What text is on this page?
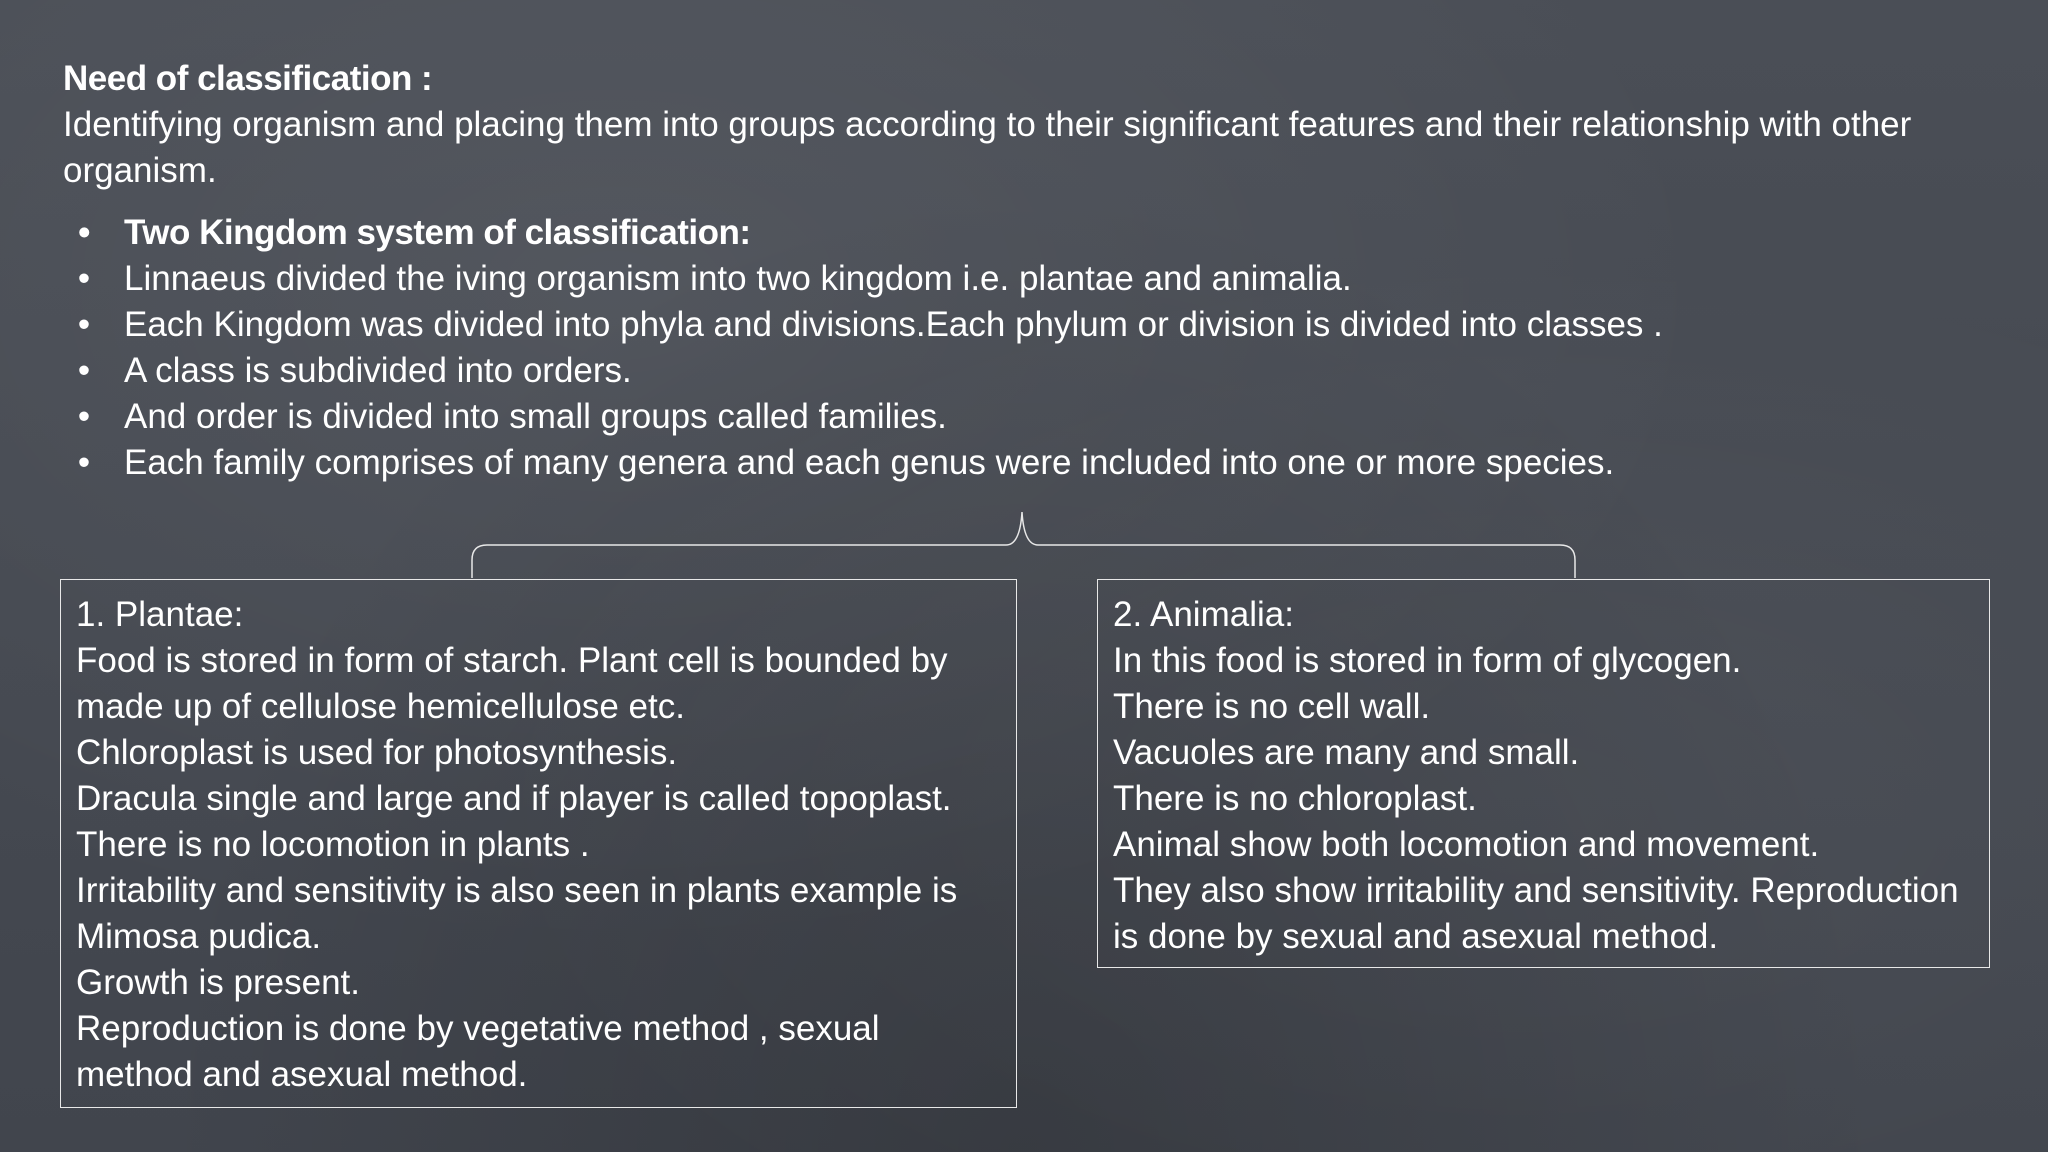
Need of classification :
Identifying organism and placing them into groups according to their significant features and their relationship with other organism.
• Two Kingdom system of classification:
• Linnaeus divided the iving organism into two kingdom i.e. plantae and animalia.
• Each Kingdom was divided into phyla and divisions.Each phylum or division is divided into classes .
• A class is subdivided into orders.
• And order is divided into small groups called families.
• Each family comprises of many genera and each genus were included into one or more species.

1. Plantae:

Food is stored in form of starch. Plant cell is bounded by

made up of cellulose hemicellulose etc.

Chloroplast is used for photosynthesis.

Dracula single and large and if player is called topoplast.

There is no locomotion in plants .

Irritability and sensitivity is also seen in plants example is

Mimosa pudica.

Growth is present.

Reproduction is done by vegetative method , sexual

method and asexual method.

2. Animalia:

In this food is stored in form of glycogen.

There is no cell wall.

Vacuoles are many and small.

There is no chloroplast.

Animal show both locomotion and movement.

They also show irritability and sensitivity. Reproduction

is done by sexual and asexual method.
